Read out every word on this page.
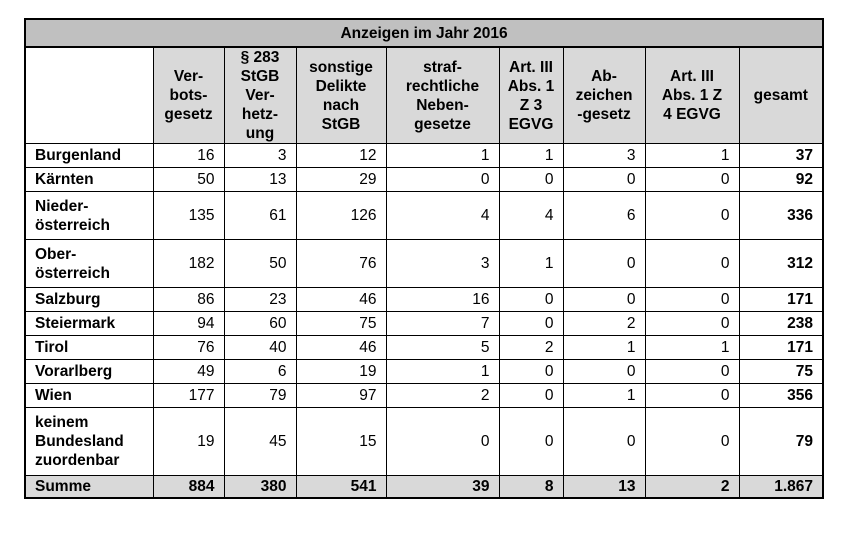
Anzeigen im Jahr 2016								
	Ver-
bots-
gesetz	§ 283
StGB
Ver-
hetz-
ung	sonstige
Delikte
nach
StGB	straf-
rechtliche
Neben-
gesetze	Art. III
Abs. 1
Z 3
EGVG	Ab-
zeichen
-gesetz	Art. III
Abs. 1 Z
4 EGVG	gesamt
Burgenland	16	3	12	1	1	3	1	37
Kärnten	50	13	29	0	0	0	0	92
Nieder-
österreich	135	61	126	4	4	6	0	336
Ober-
österreich	182	50	76	3	1	0	0	312
Salzburg	86	23	46	16	0	0	0	171
Steiermark	94	60	75	7	0	2	0	238
Tirol	76	40	46	5	2	1	1	171
Vorarlberg	49	6	19	1	0	0	0	75
Wien	177	79	97	2	0	1	0	356
keinem
Bundesland
zuordenbar	19	45	15	0	0	0	0	79
Summe	884	380	541	39	8	13	2	1.867
